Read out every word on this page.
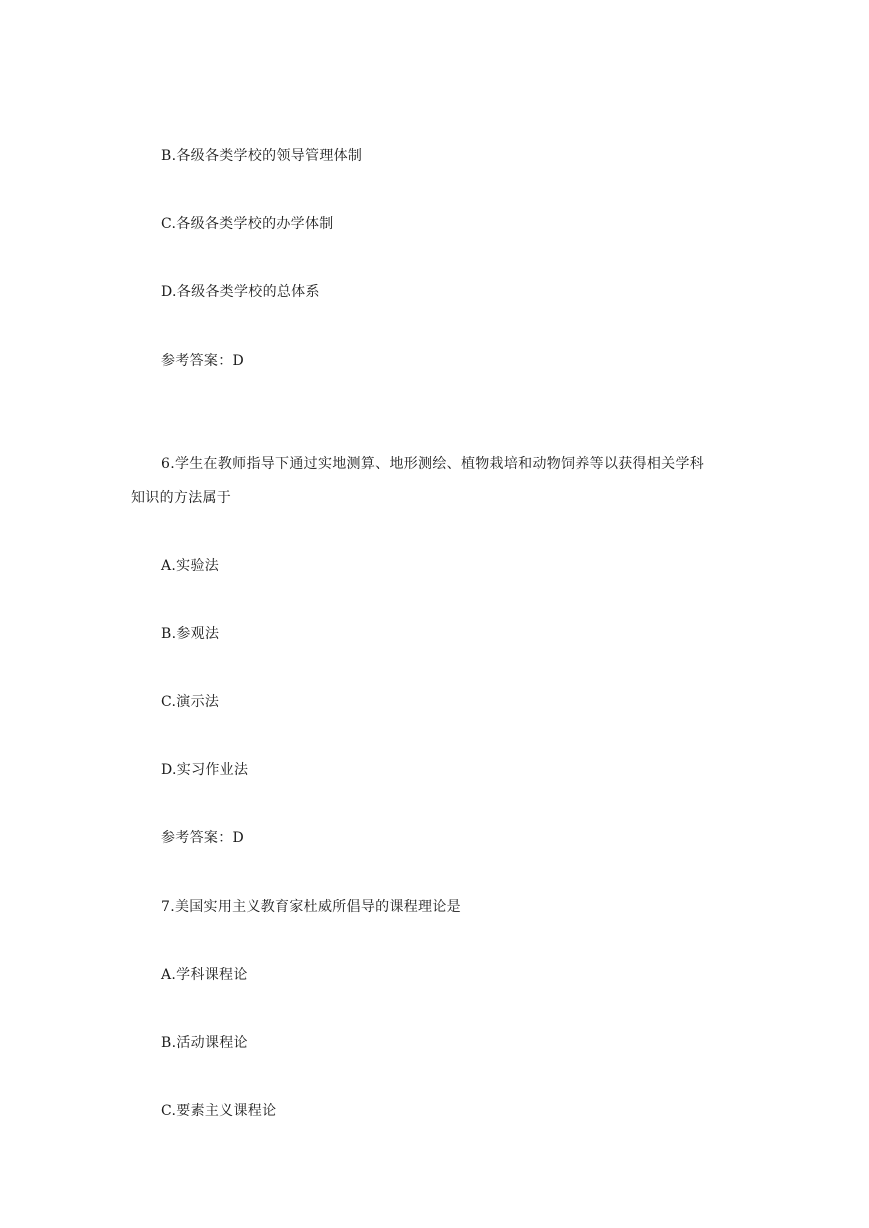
B.各级各类学校的领导管理体制
C.各级各类学校的办学体制
D.各级各类学校的总体系
参考答案：D
6.学生在教师指导下通过实地测算、地形测绘、植物栽培和动物饲养等以获得相关学科
知识的方法属于
A.实验法
B.参观法
C.演示法
D.实习作业法
参考答案：D
7.美国实用主义教育家杜威所倡导的课程理论是
A.学科课程论
B.活动课程论
C.要素主义课程论
